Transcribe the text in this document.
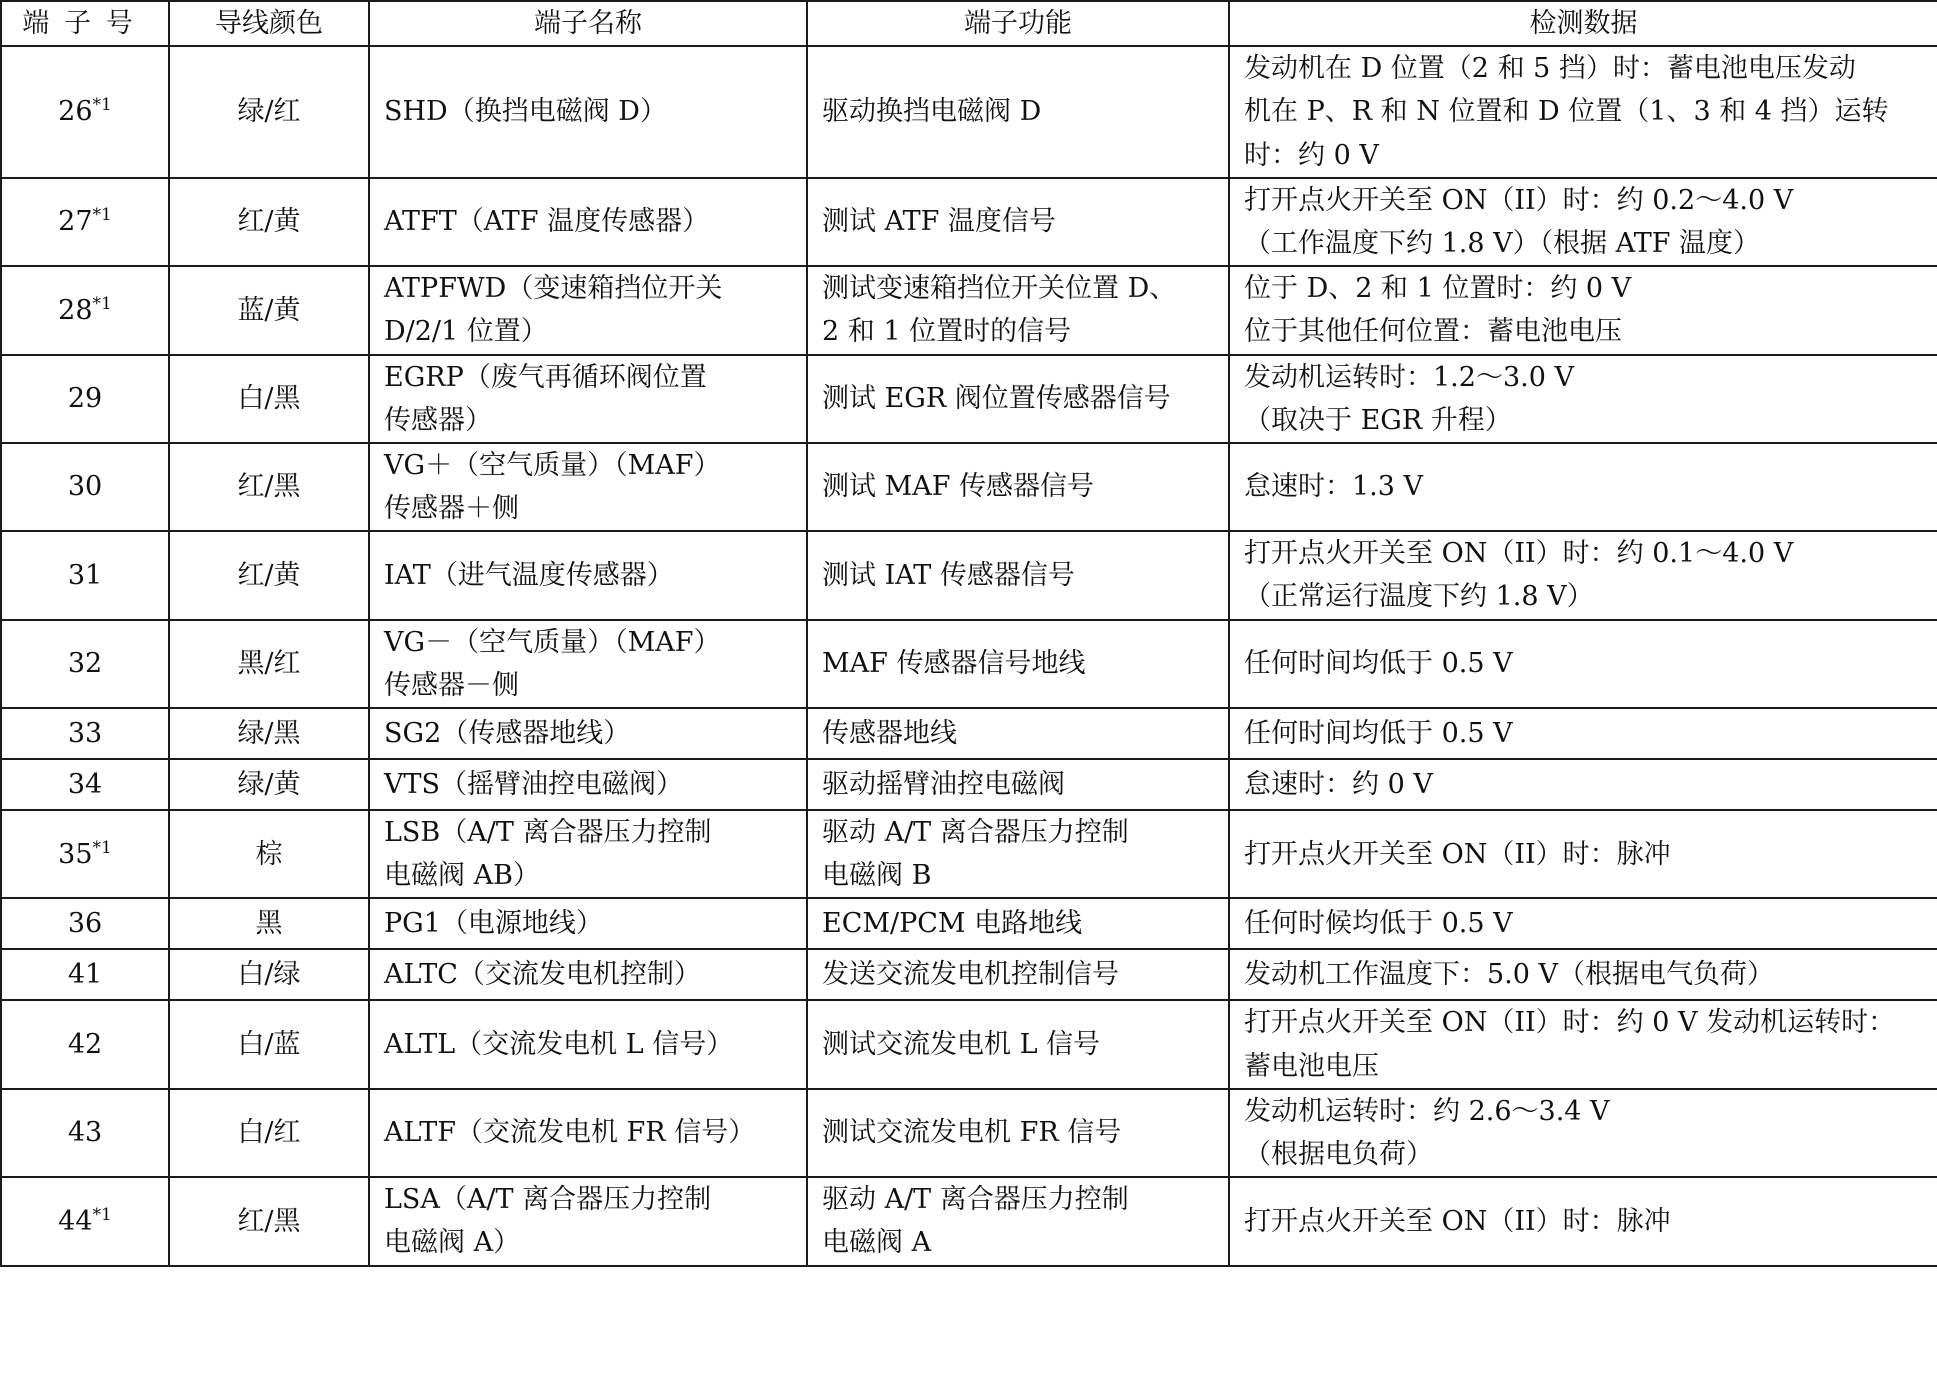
端子号	导线颜色	端子名称	端子功能	检测数据
26$^{*1}$	绿/红	SHD（换挡电磁阀 D）	驱动换挡电磁阀 D	发动机在 D 位置（2 和 5 挡）时：蓄电池电压发动
机在 P、R 和 N 位置和 D 位置（1、3 和 4 挡）运转
时：约 0 V

27$^{*1}$	红/黄	ATFT（ATF 温度传感器）	测试 ATF 温度信号	打开点火开关至 ON（II）时：约 0.2～4.0 V
（工作温度下约 1.8 V）（根据 ATF 温度）

28$^{*1}$	蓝/黄	ATPFWD（变速箱挡位开关
D/2/1 位置）	测试变速箱挡位开关位置 D、
2 和 1 位置时的信号	位于 D、2 和 1 位置时：约 0 V
位于其他任何位置：蓄电池电压

29	白/黑	EGRP（废气再循环阀位置
传感器）	测试 EGR 阀位置传感器信号	发动机运转时：1.2～3.0 V
（取决于 EGR 升程）

30	红/黑	VG＋（空气质量）（MAF）
传感器＋侧	测试 MAF 传感器信号	怠速时：1.3 V

31	红/黄	IAT（进气温度传感器）	测试 IAT 传感器信号	打开点火开关至 ON（II）时：约 0.1～4.0 V
（正常运行温度下约 1.8 V）

32	黑/红	VG－（空气质量）（MAF）
传感器－侧	MAF 传感器信号地线	任何时间均低于 0.5 V

33	绿/黑	SG2（传感器地线）	传感器地线	任何时间均低于 0.5 V

34	绿/黄	VTS（摇臂油控电磁阀）	驱动摇臂油控电磁阀	怠速时：约 0 V

35$^{*1}$	棕	LSB（A/T 离合器压力控制
电磁阀 AB）	驱动 A/T 离合器压力控制
电磁阀 B	打开点火开关至 ON（II）时：脉冲

36	黑	PG1（电源地线）	ECM/PCM 电路地线	任何时候均低于 0.5 V

41	白/绿	ALTC（交流发电机控制）	发送交流发电机控制信号	发动机工作温度下：5.0 V（根据电气负荷）

42	白/蓝	ALTL（交流发电机 L 信号）	测试交流发电机 L 信号	打开点火开关至 ON（II）时：约 0 V 发动机运转时：
蓄电池电压

43	白/红	ALTF（交流发电机 FR 信号）	测试交流发电机 FR 信号	发动机运转时：约 2.6～3.4 V
（根据电负荷）

44$^{*1}$	红/黑	LSA（A/T 离合器压力控制
电磁阀 A）	驱动 A/T 离合器压力控制
电磁阀 A	打开点火开关至 ON（II）时：脉冲
